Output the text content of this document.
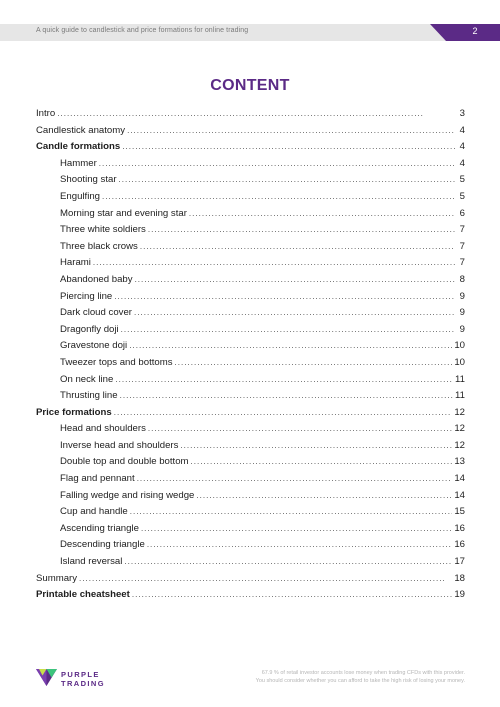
A quick guide to candlestick and price formations for online trading	2
CONTENT
Intro . . .	3
Candlestick anatomy . . .	4
Candle formations . . .	4
Hammer . . .	4
Shooting star . . .	5
Engulfing . . .	5
Morning star and evening star . . .	6
Three white soldiers . . .	7
Three black crows . . .	7
Harami . . .	7
Abandoned baby . . .	8
Piercing line . . .	9
Dark cloud cover . . .	9
Dragonfly doji . . .	9
Gravestone doji . . .	10
Tweezer tops and bottoms . . .	10
On neck line . . .	11
Thrusting line . . .	11
Price formations . . .	12
Head and shoulders . . .	12
Inverse head and shoulders . . .	12
Double top and double bottom . . .	13
Flag and pennant . . .	14
Falling wedge and rising wedge . . .	14
Cup and handle . . .	15
Ascending triangle . . .	16
Descending triangle . . .	16
Island reversal . . .	17
Summary . . .	18
Printable cheatsheet . . .	19
PURPLE
TRADING
67.9 % of retail investor accounts lose money when trading CFDs with this provider.
You should consider whether you can afford to take the high risk of losing your money.
